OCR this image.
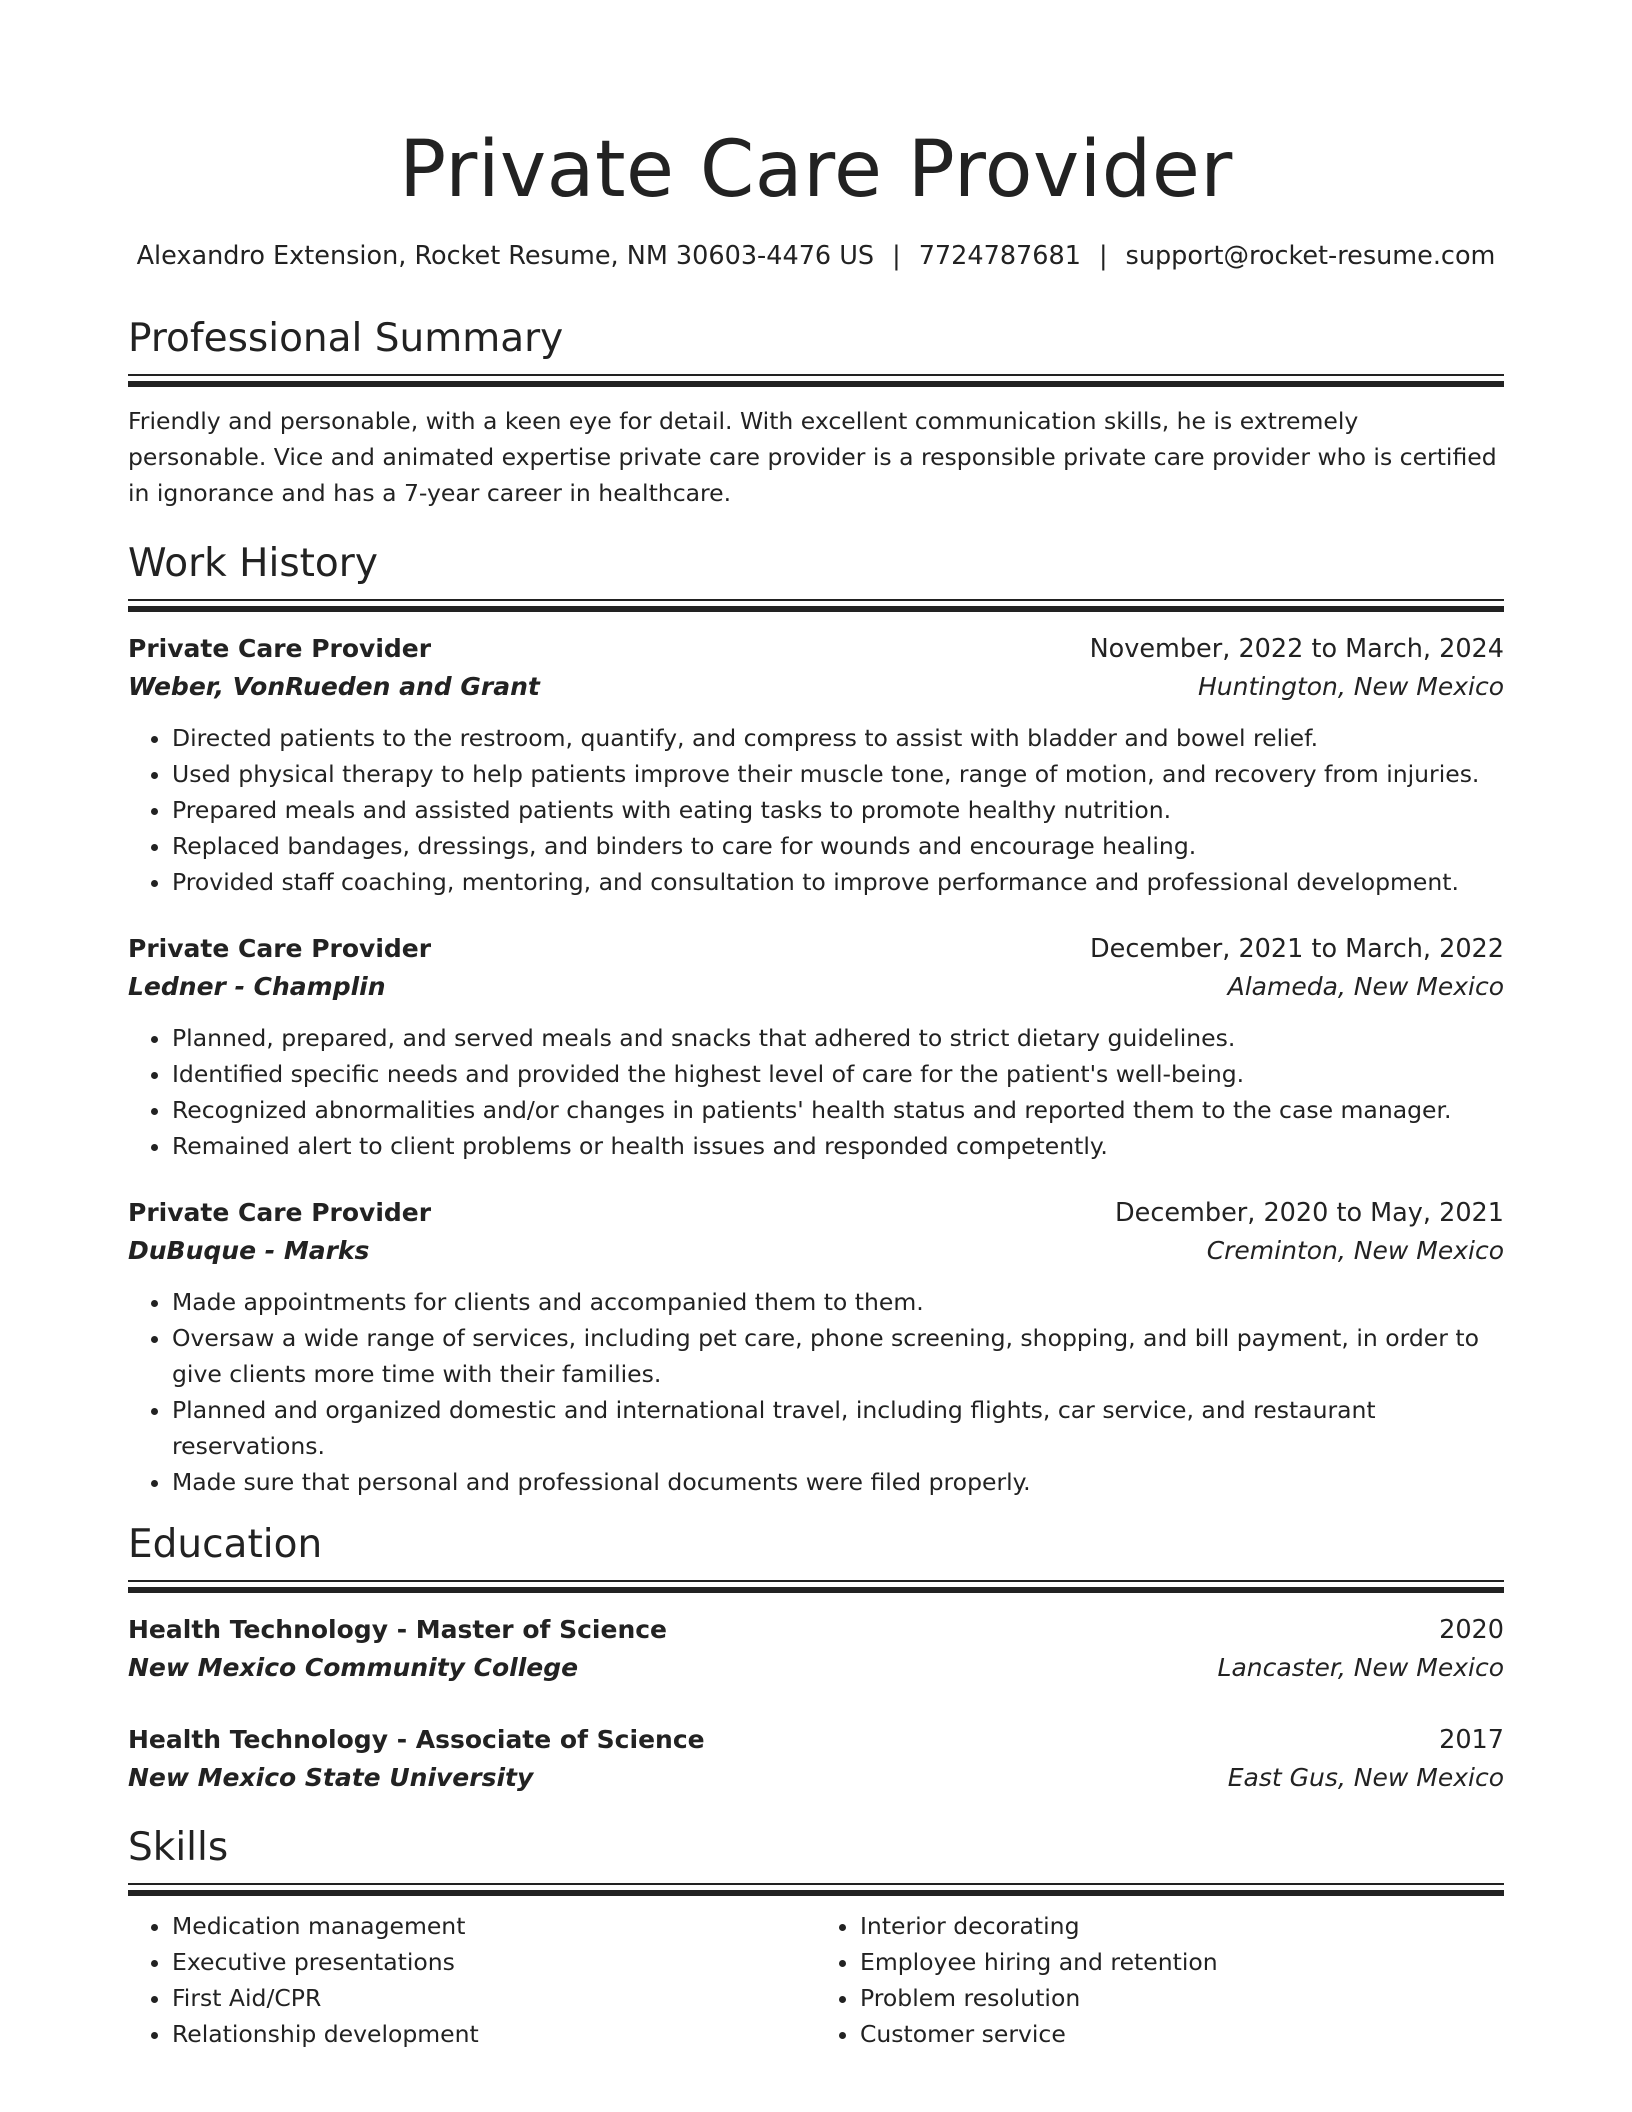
Private Care Provider
Alexandro Extension, Rocket Resume, NM 30603-4476 US | 7724787681 | support@rocket-resume.com
Professional Summary

Friendly and personable, with a keen eye for detail. With excellent communication skills, he is extremely personable. Vice and animated expertise private care provider is a responsible private care provider who is certified in ignorance and has a 7-year career in healthcare.

Work History
Private Care Provider	November, 2022 to March, 2024
Weber, VonRueden and Grant	Huntington, New Mexico
• Directed patients to the restroom, quantify, and compress to assist with bladder and bowel relief.
• Used physical therapy to help patients improve their muscle tone, range of motion, and recovery from injuries.
• Prepared meals and assisted patients with eating tasks to promote healthy nutrition.
• Replaced bandages, dressings, and binders to care for wounds and encourage healing.
• Provided staff coaching, mentoring, and consultation to improve performance and professional development.
Private Care Provider	December, 2021 to March, 2022
Ledner - Champlin	Alameda, New Mexico
• Planned, prepared, and served meals and snacks that adhered to strict dietary guidelines.
• Identified specific needs and provided the highest level of care for the patient's well-being.
• Recognized abnormalities and/or changes in patients' health status and reported them to the case manager.
• Remained alert to client problems or health issues and responded competently.
Private Care Provider	December, 2020 to May, 2021
DuBuque - Marks	Creminton, New Mexico
• Made appointments for clients and accompanied them to them.
• Oversaw a wide range of services, including pet care, phone screening, shopping, and bill payment, in order to give clients more time with their families.
• Planned and organized domestic and international travel, including flights, car service, and restaurant reservations.
• Made sure that personal and professional documents were filed properly.
Education
Health Technology - Master of Science	2020
New Mexico Community College	Lancaster, New Mexico
Health Technology - Associate of Science	2017
New Mexico State University	East Gus, New Mexico
Skills
• Medication management
• Executive presentations
• First Aid/CPR
• Relationship development
• Interior decorating
• Employee hiring and retention
• Problem resolution
• Customer service
